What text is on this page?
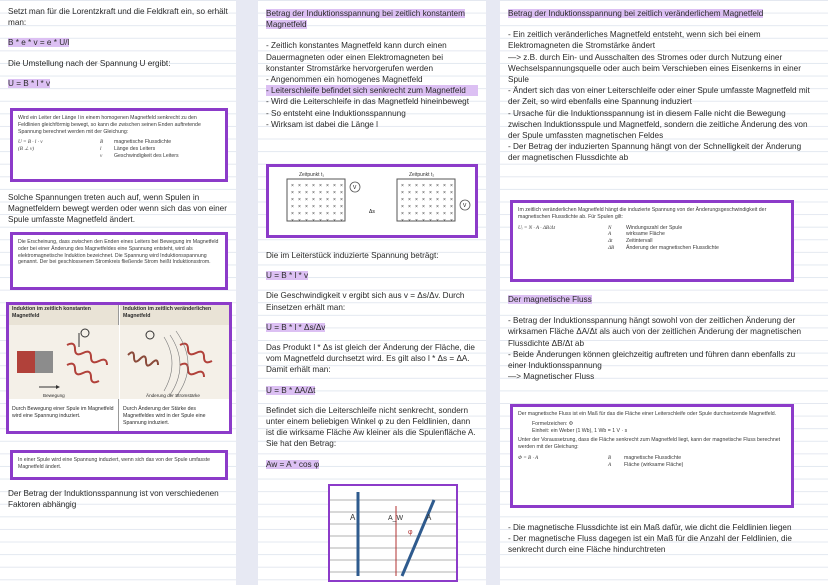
Setzt man für die Lorentzkraft und die Feldkraft ein, so erhält man:

B * e * v = e * U/l

Die Umstellung nach der Spannung U ergibt:

U = B * l * v

Wird ein Leiter der Länge l in einem homogenen Magnetfeld senkrecht zu den Feldlinien gleichförmig bewegt, so kann die zwischen seinen Enden auftretende Spannung berechnet werden mit der Gleichung:

U = B · l · v
(B ⊥ v)
B	magnetische Flussdichte
l	Länge des Leiters
v	Geschwindigkeit des Leiters

Solche Spannungen treten auch auf, wenn Spulen in Magnetfeldern bewegt werden oder wenn sich das von einer Spule umfasste Magnetfeld ändert.

Die Erscheinung, dass zwischen den Enden eines Leiters bei Bewegung im Magnetfeld oder bei einer Änderung des Magnetfeldes eine Spannung entsteht, wird als elektromagnetische Induktion bezeichnet. Die Spannung wird Induktionsspannung genannt. Der bei geschlossenem Stromkreis fließende Strom heißt Induktionsstrom.

Induktion im zeitlich konstanten Magnetfeld
Bewegung
Durch Bewegung einer Spule im Magnetfeld wird eine Spannung induziert.
Induktion im zeitlich veränderlichen Magnetfeld
Änderung der Stromstärke
Durch Änderung der Stärke des Magnetfeldes wird in der Spule eine Spannung induziert.

In einer Spule wird eine Spannung induziert, wenn sich das von der Spule umfasste Magnetfeld ändert.

Der Betrag der Induktionsspannung ist von verschiedenen Faktoren abhängig

Betrag der Induktionsspannung bei zeitlich konstantem Magnetfeld

- Zeitlich konstantes Magnetfeld kann durch einen Dauermagneten oder einen Elektromagneten bei konstanter Stromstärke hervorgerufen werden

- Angenommen ein homogenes Magnetfeld

- Leiterschleife befindet sich senkrecht zum Magnetfeld

- Wird die Leiterschleife in das Magnetfeld hineinbewegt

- So entsteht eine Induktionsspannung

- Wirksam ist dabei die Länge l

× × × × × × × ×
× × × × × × × ×
× × × × × × × ×
× × × × × × × ×
× × × × × × × ×
× × × × × × × ×
× × × × × × × ×
× × × × × × × ×
× × × × × × × ×
× × × × × × × ×
× × × × × × × ×
× × × × × × × ×
Zeitpunkt t₁	Zeitpunkt t₂
V
V
Δs

Die im Leiterstück induzierte Spannung beträgt:

U = B * l * v

Die Geschwindigkeit v ergibt sich aus v = Δs/Δv. Durch Einsetzen erhält man:

U = B * l * Δs/Δv

Das Produkt l * Δs ist gleich der Änderung der Fläche, die vom Magnetfeld durchsetzt wird. Es gilt also l * Δs = ΔA. Damit erhält man:

U = B * ΔA/Δt

Befindet sich die Leiterschleife nicht senkrecht, sondern unter einem beliebigen Winkel φ zu den Feldlinien, dann ist die wirksame Fläche Aw kleiner als die Spulenfläche A. Sie hat den Betrag:

Aw = A * cos φ

A	A_W	A
φ

Betrag der Induktionsspannung bei zeitlich veränderlichem Magnetfeld

- Ein zeitlich veränderliches Magnetfeld entsteht, wenn sich bei einem Elektromagneten die Stromstärke ändert

—> z.B. durch Ein- und Ausschalten des Stromes oder durch Nutzung einer Wechselspannungsquelle oder auch beim Verschieben eines Eisenkerns in einer Spule

- Ändert sich das von einer Leiterschleife oder einer Spule umfasste Magnetfeld mit der Zeit, so wird ebenfalls eine Spannung induziert

- Ursache für die Induktionsspannung ist in diesem Falle nicht die Bewegung zwischen Induktionsspule und Magnetfeld, sondern die zeitliche Änderung des von der Spule umfassten magnetischen Feldes

- Der Betrag der induzierten Spannung hängt von der Schnelligkeit der Änderung der magnetischen Flussdichte ab

Im zeitlich veränderlichen Magnetfeld hängt die induzierte Spannung von der Änderungsgeschwindigkeit der magnetischen Flussdichte ab. Für Spulen gilt:

Uᵢ = N · A · ΔB/Δt	N	Windungszahl der Spule
A	wirksame Fläche
Δt	Zeitintervall
ΔB	Änderung der magnetischen Flussdichte

Der magnetische Fluss

- Betrag der Induktionsspannung hängt sowohl von der zeitlichen Änderung der wirksamen Fläche ΔA/Δt als auch von der zeitlichen Änderung der magnetischen Flussdichte ΔB/Δt ab

- Beide Änderungen können gleichzeitig auftreten und führen dann ebenfalls zu einer Induktionsspannung

—> Magnetischer Fluss

Der magnetische Fluss ist ein Maß für das die Fläche einer Leiterschleife oder Spule durchsetzende Magnetfeld.

Formelzeichen: Φ

Einheit: ein Weber (1 Wb), 1 Wb = 1 V · s

Unter der Voraussetzung, dass die Fläche senkrecht zum Magnetfeld liegt, kann der magnetische Fluss berechnet werden mit der Gleichung:

Φ = B · A	B	magnetische Flussdichte
A	Fläche (wirksame Fläche)

- Die magnetische Flussdichte ist ein Maß dafür, wie dicht die Feldlinien liegen

- Der magnetische Fluss dagegen ist ein Maß für die Anzahl der Feldlinien, die senkrecht durch eine Fläche hindurchtreten
